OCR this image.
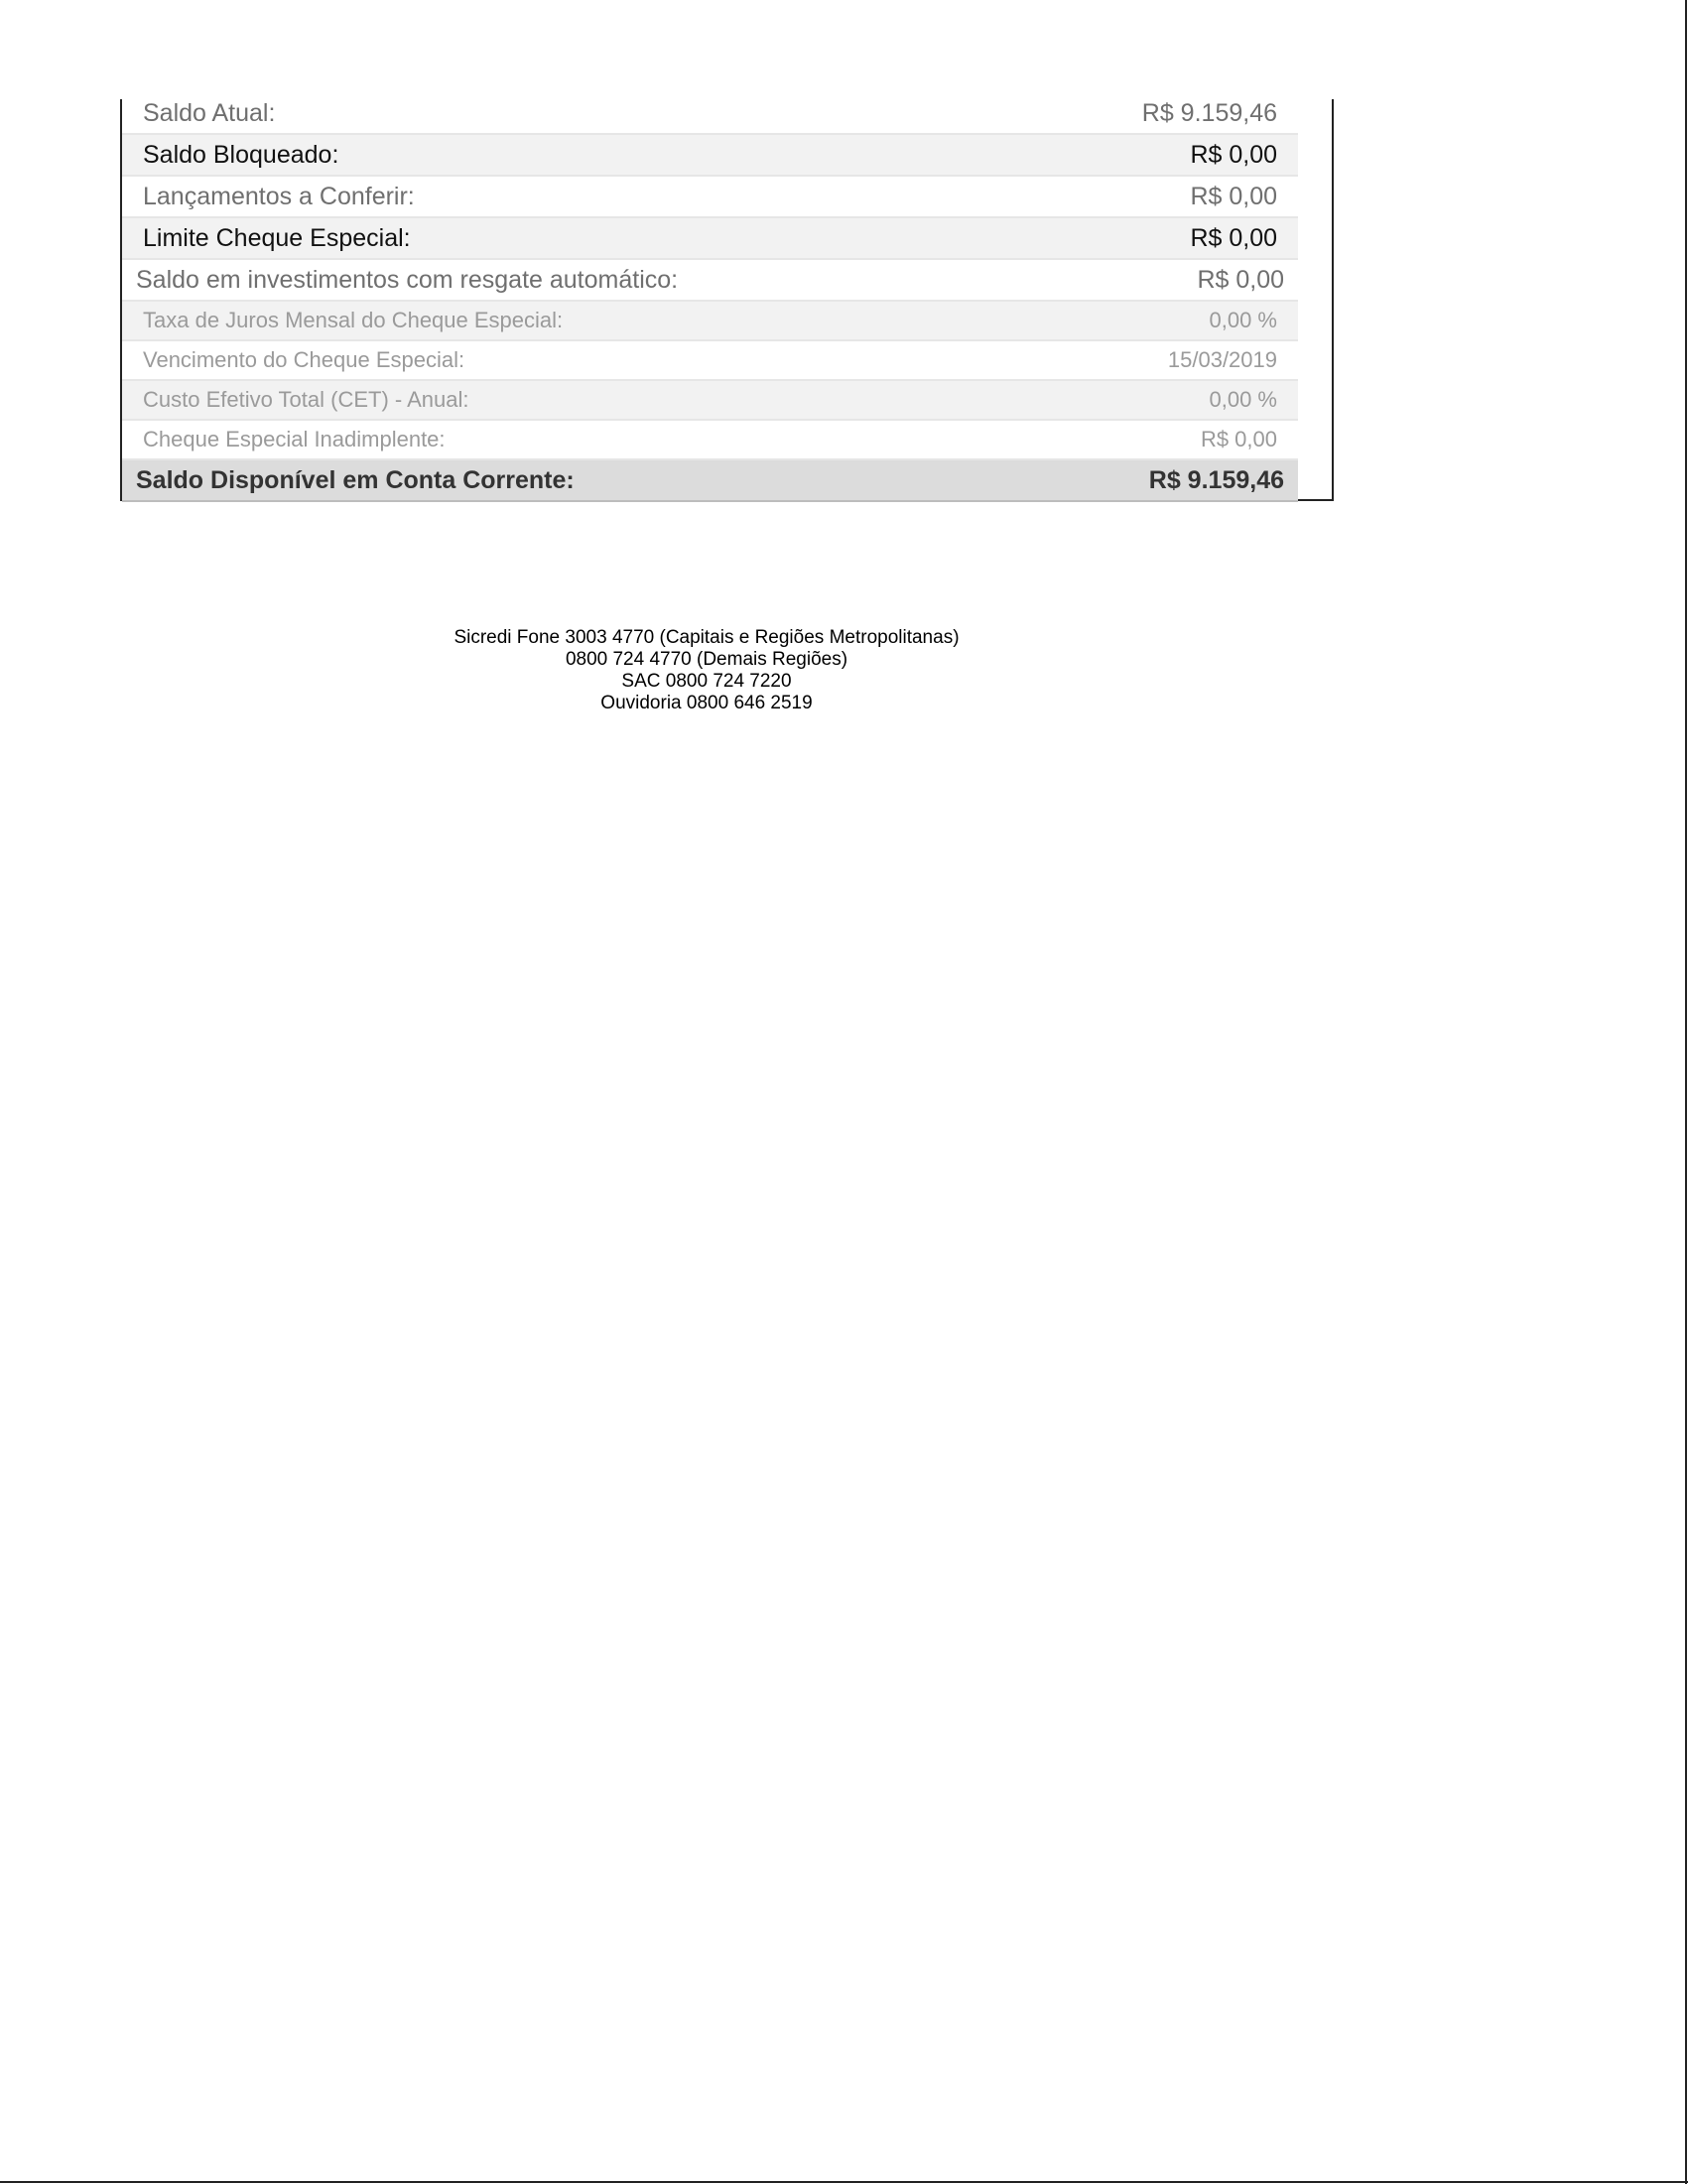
Saldo Atual:	R$ 9.159,46
Saldo Bloqueado:	R$ 0,00
Lançamentos a Conferir:	R$ 0,00
Limite Cheque Especial:	R$ 0,00
Saldo em investimentos com resgate automático:	R$ 0,00
Taxa de Juros Mensal do Cheque Especial:	0,00 %
Vencimento do Cheque Especial:	15/03/2019
Custo Efetivo Total (CET) - Anual:	0,00 %
Cheque Especial Inadimplente:	R$ 0,00
Saldo Disponível em Conta Corrente:	R$ 9.159,46
Sicredi Fone 3003 4770 (Capitais e Regiões Metropolitanas)
0800 724 4770 (Demais Regiões)
SAC 0800 724 7220
Ouvidoria 0800 646 2519
